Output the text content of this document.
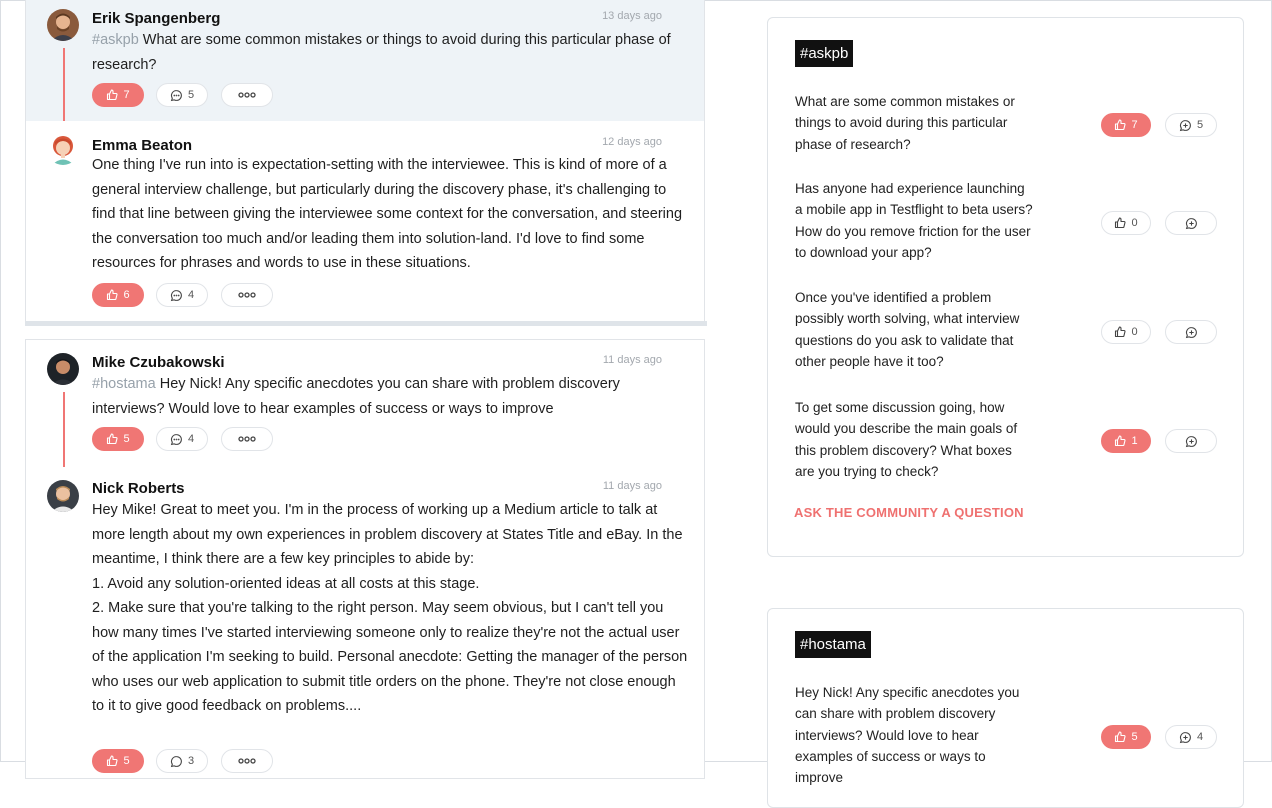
Erik Spangenberg	13 days ago

#askpb What are some common mistakes or things to avoid during this particular phase of research?

7	5
Emma Beaton	12 days ago

One thing I've run into is expectation-setting with the interviewee. This is kind of more of a general interview challenge, but particularly during the discovery phase, it's challenging to find that line between giving the interviewee some context for the conversation, and steering the conversation too much and/or leading them into solution-land. I'd love to find some resources for phrases and words to use in these situations.

6	4
Mike Czubakowski	11 days ago

#hostama Hey Nick! Any specific anecdotes you can share with problem discovery interviews? Would love to hear examples of success or ways to improve

5	4
Nick Roberts	11 days ago

Hey Mike! Great to meet you. I'm in the process of working up a Medium article to talk at more length about my own experiences in problem discovery at States Title and eBay. In the meantime, I think there are a few key principles to abide by:
1. Avoid any solution-oriented ideas at all costs at this stage.
2. Make sure that you're talking to the right person. May seem obvious, but I can't tell you how many times I've started interviewing someone only to realize they're not the actual user of the application I'm seeking to build. Personal anecdote: Getting the manager of the person who uses our web application to submit title orders on the phone. They're not close enough to it to give good feedback on problems....

5	3
#askpb

What are some common mistakes or things to avoid during this particular phase of research?

7	5

Has anyone had experience launching a mobile app in Testflight to beta users? How do you remove friction for the user to download your app?

0

Once you've identified a problem possibly worth solving, what interview questions do you ask to validate that other people have it too?

0

To get some discussion going, how would you describe the main goals of this problem discovery? What boxes are you trying to check?

1
ASK THE COMMUNITY A QUESTION
#hostama

Hey Nick! Any specific anecdotes you can share with problem discovery interviews? Would love to hear examples of success or ways to improve

5	4
